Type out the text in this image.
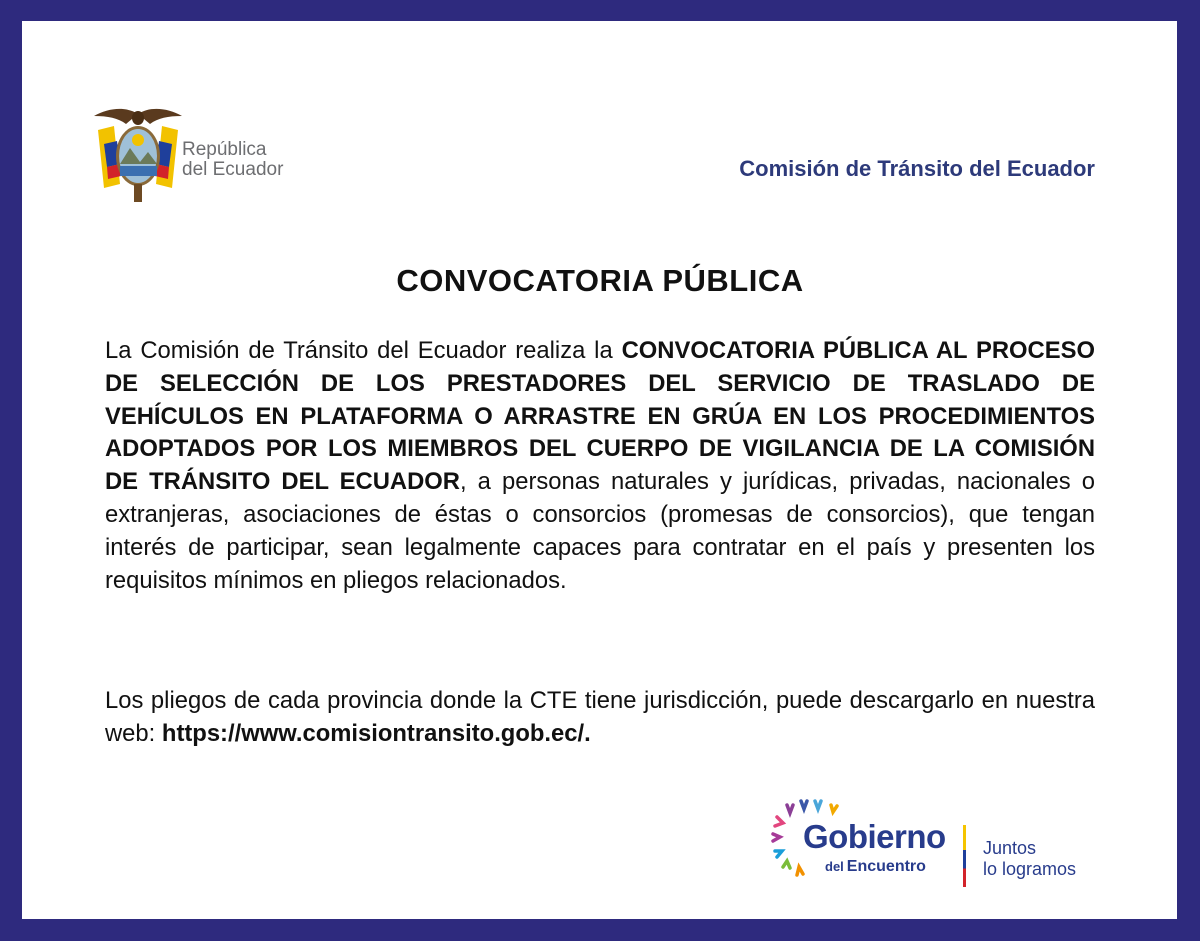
República
del Ecuador	Comisión de Tránsito del Ecuador
CONVOCATORIA PÚBLICA

La Comisión de Tránsito del Ecuador realiza la CONVOCATORIA PÚBLICA AL PROCESO DE SELECCIÓN DE LOS PRESTADORES DEL SERVICIO DE TRASLADO DE VEHÍCULOS EN PLATAFORMA O ARRASTRE EN GRÚA EN LOS PROCEDIMIENTOS ADOPTADOS POR LOS MIEMBROS DEL CUERPO DE VIGILANCIA DE LA COMISIÓN DE TRÁNSITO DEL ECUADOR, a personas naturales y jurídicas, privadas, nacionales o extranjeras, asociaciones de éstas o consorcios (promesas de consorcios), que tengan interés de participar, sean legalmente capaces para contratar en el país y presenten los requisitos mínimos en pliegos relacionados.

Los pliegos de cada provincia donde la CTE tiene jurisdicción, puede descargarlo en nuestra web: https://www.comisiontransito.gob.ec/.

Gobierno
del Encuentro
Juntos
lo logramos
